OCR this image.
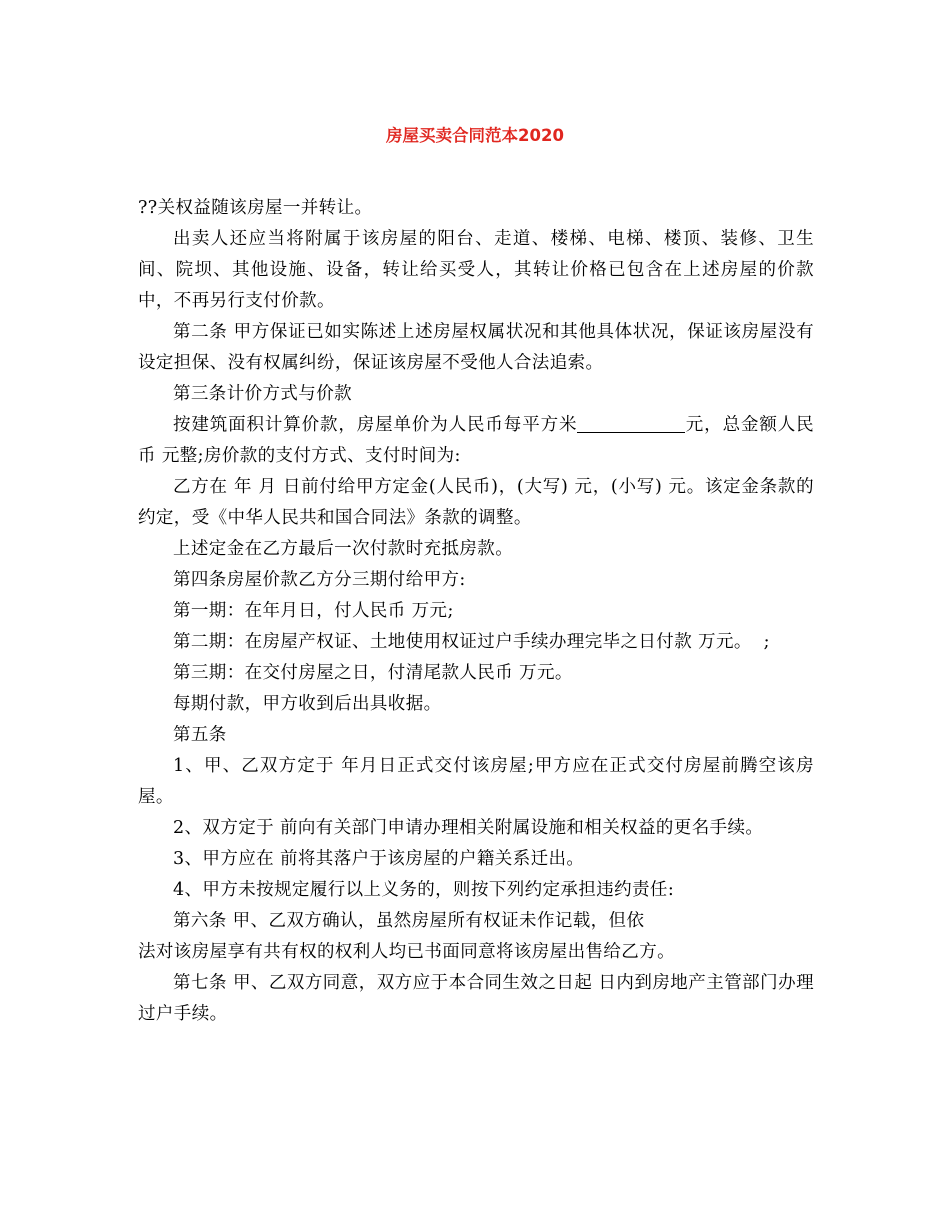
房屋买卖合同范本2020

??关权益随该房屋一并转让。

出卖人还应当将附属于该房屋的阳台、走道、楼梯、电梯、楼顶、装修、卫生间、院坝、其他设施、设备，转让给买受人，其转让价格已包含在上述房屋的价款中，不再另行支付价款。

第二条 甲方保证已如实陈述上述房屋权属状况和其他具体状况，保证该房屋没有设定担保、没有权属纠纷，保证该房屋不受他人合法追索。

第三条计价方式与价款

按建筑面积计算价款，房屋单价为人民币每平方米	元，总金额人民币 元整;房价款的支付方式、支付时间为:

乙方在 年 月 日前付给甲方定金(人民币)，(大写) 元，(小写) 元。该定金条款的约定，受《中华人民共和国合同法》条款的调整。

上述定金在乙方最后一次付款时充抵房款。

第四条房屋价款乙方分三期付给甲方:

第一期：在年月日，付人民币 万元;

第二期：在房屋产权证、土地使用权证过户手续办理完毕之日付款 万元。  ;

第三期：在交付房屋之日，付清尾款人民币 万元。

每期付款，甲方收到后出具收据。

第五条

1、甲、乙双方定于 年月日正式交付该房屋;甲方应在正式交付房屋前腾空该房屋。

2、双方定于 前向有关部门申请办理相关附属设施和相关权益的更名手续。

3、甲方应在 前将其落户于该房屋的户籍关系迁出。

4、甲方未按规定履行以上义务的，则按下列约定承担违约责任:

第六条 甲、乙双方确认，虽然房屋所有权证未作记载，但依

法对该房屋享有共有权的权利人均已书面同意将该房屋出售给乙方。

第七条 甲、乙双方同意，双方应于本合同生效之日起 日内到房地产主管部门办理过户手续。
